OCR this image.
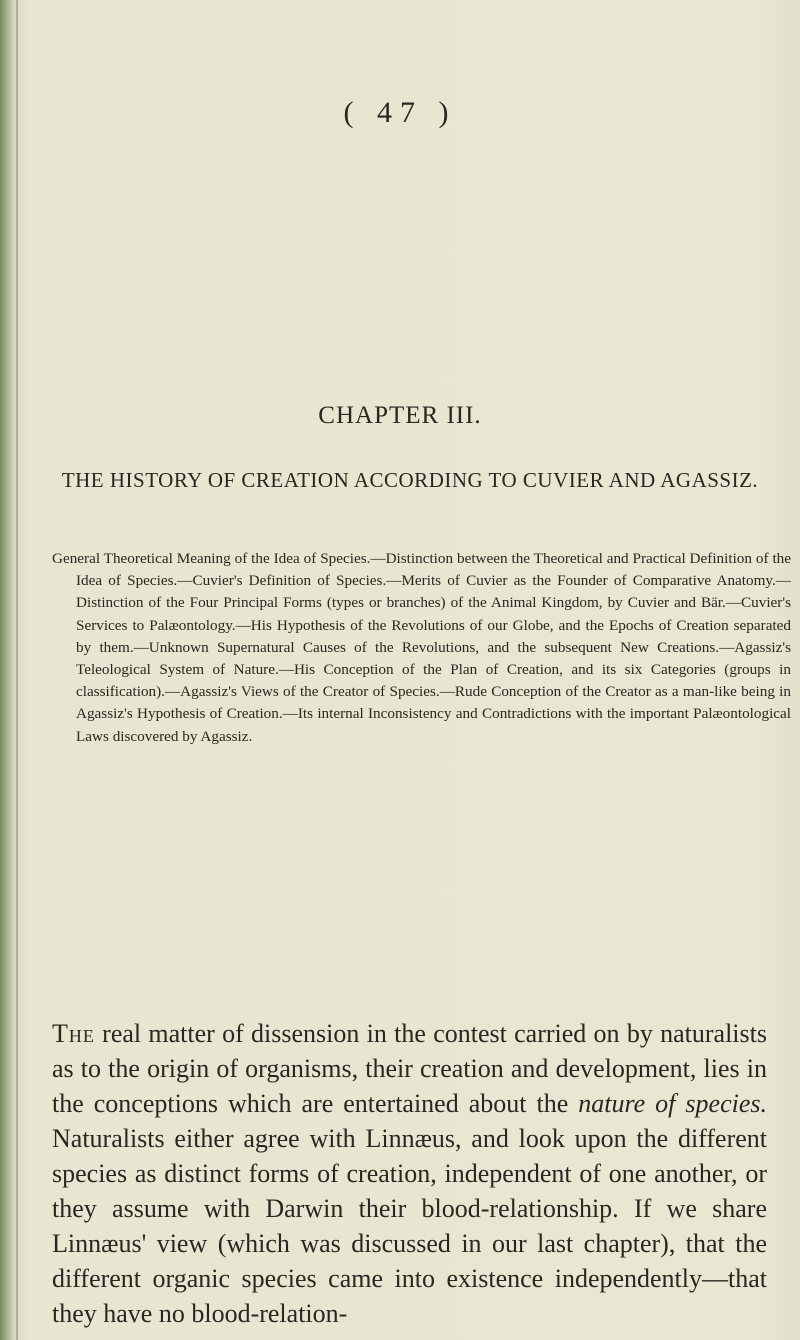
( 47 )
CHAPTER III.
THE HISTORY OF CREATION ACCORDING TO CUVIER AND AGASSIZ.
General Theoretical Meaning of the Idea of Species.—Distinction between the Theoretical and Practical Definition of the Idea of Species.—Cuvier's Definition of Species.—Merits of Cuvier as the Founder of Comparative Anatomy.—Distinction of the Four Principal Forms (types or branches) of the Animal Kingdom, by Cuvier and Bär.—Cuvier's Services to Palæontology.—His Hypothesis of the Revolutions of our Globe, and the Epochs of Creation separated by them.—Unknown Supernatural Causes of the Revolutions, and the subsequent New Creations.—Agassiz's Teleological System of Nature.—His Conception of the Plan of Creation, and its six Categories (groups in classification).—Agassiz's Views of the Creator of Species.—Rude Conception of the Creator as a man-like being in Agassiz's Hypothesis of Creation.—Its internal Inconsistency and Contradictions with the important Palæontological Laws discovered by Agassiz.
The real matter of dissension in the contest carried on by naturalists as to the origin of organisms, their creation and development, lies in the conceptions which are entertained about the nature of species. Naturalists either agree with Linnæus, and look upon the different species as distinct forms of creation, independent of one another, or they assume with Darwin their blood-relationship. If we share Linnæus' view (which was discussed in our last chapter), that the different organic species came into existence independently—that they have no blood-relation-
